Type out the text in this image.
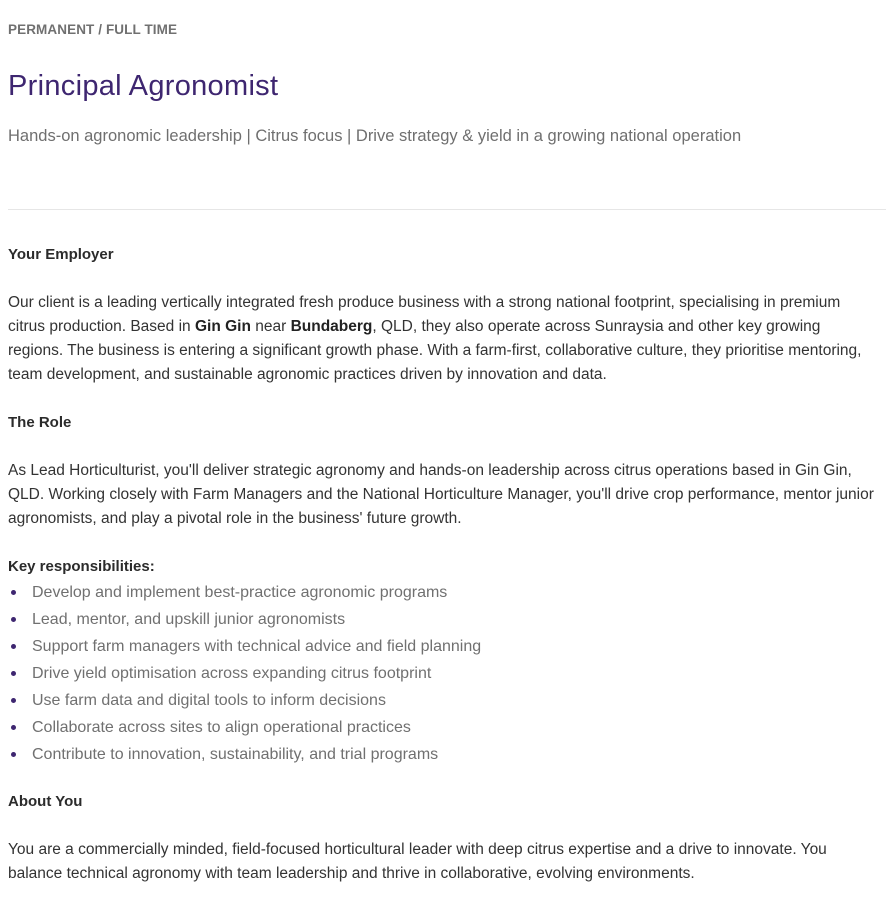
PERMANENT / FULL TIME
Principal Agronomist
Hands-on agronomic leadership | Citrus focus | Drive strategy & yield in a growing national operation
Your Employer

Our client is a leading vertically integrated fresh produce business with a strong national footprint, specialising in premium citrus production. Based in Gin Gin near Bundaberg, QLD, they also operate across Sunraysia and other key growing regions. The business is entering a significant growth phase. With a farm-first, collaborative culture, they prioritise mentoring, team development, and sustainable agronomic practices driven by innovation and data.

The Role

As Lead Horticulturist, you'll deliver strategic agronomy and hands-on leadership across citrus operations based in Gin Gin, QLD. Working closely with Farm Managers and the National Horticulture Manager, you'll drive crop performance, mentor junior agronomists, and play a pivotal role in the business' future growth.

Key responsibilities:
Develop and implement best-practice agronomic programs
Lead, mentor, and upskill junior agronomists
Support farm managers with technical advice and field planning
Drive yield optimisation across expanding citrus footprint
Use farm data and digital tools to inform decisions
Collaborate across sites to align operational practices
Contribute to innovation, sustainability, and trial programs
About You

You are a commercially minded, field-focused horticultural leader with deep citrus expertise and a drive to innovate. You balance technical agronomy with team leadership and thrive in collaborative, evolving environments.
